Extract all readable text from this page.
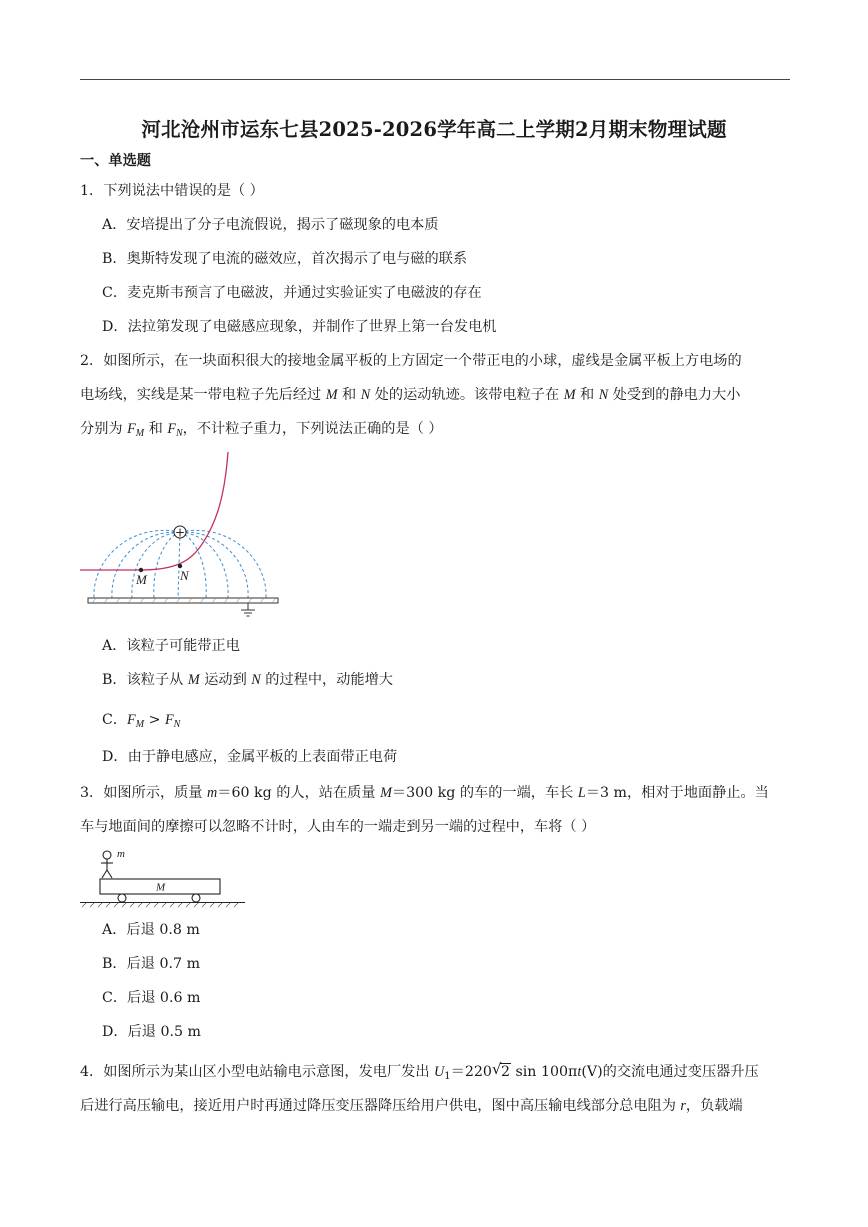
河北沧州市运东七县2025-2026学年高二上学期2月期末物理试题
一、单选题
1．下列说法中错误的是（ ）
A．安培提出了分子电流假说，揭示了磁现象的电本质
B．奥斯特发现了电流的磁效应，首次揭示了电与磁的联系
C．麦克斯韦预言了电磁波，并通过实验证实了电磁波的存在
D．法拉第发现了电磁感应现象，并制作了世界上第一台发电机
2．如图所示，在一块面积很大的接地金属平板的上方固定一个带正电的小球，虚线是金属平板上方电场的
电场线，实线是某一带电粒子先后经过 M 和 N 处的运动轨迹。该带电粒子在 M 和 N 处受到的静电力大小
分别为 $F_M$ 和 $F_N$，不计粒子重力，下列说法正确的是（ ）
+
M	N
A．该粒子可能带正电
B．该粒子从 M 运动到 N 的过程中，动能增大
C．$F_M > F_N$
D．由于静电感应，金属平板的上表面带正电荷
3．如图所示，质量 m＝60 kg 的人，站在质量 M＝300 kg 的车的一端，车长 L＝3 m，相对于地面静止。当
车与地面间的摩擦可以忽略不计时，人由车的一端走到另一端的过程中，车将（ ）
m
M
A．后退 0.8 m
B．后退 0.7 m
C．后退 0.6 m
D．后退 0.5 m
4．如图所示为某山区小型电站输电示意图，发电厂发出 $U_1=220$ √ 2 sin 100πt(V)的交流电通过变压器升压
后进行高压输电，接近用户时再通过降压变压器降压给用户供电，图中高压输电线部分总电阻为 r，负载端
